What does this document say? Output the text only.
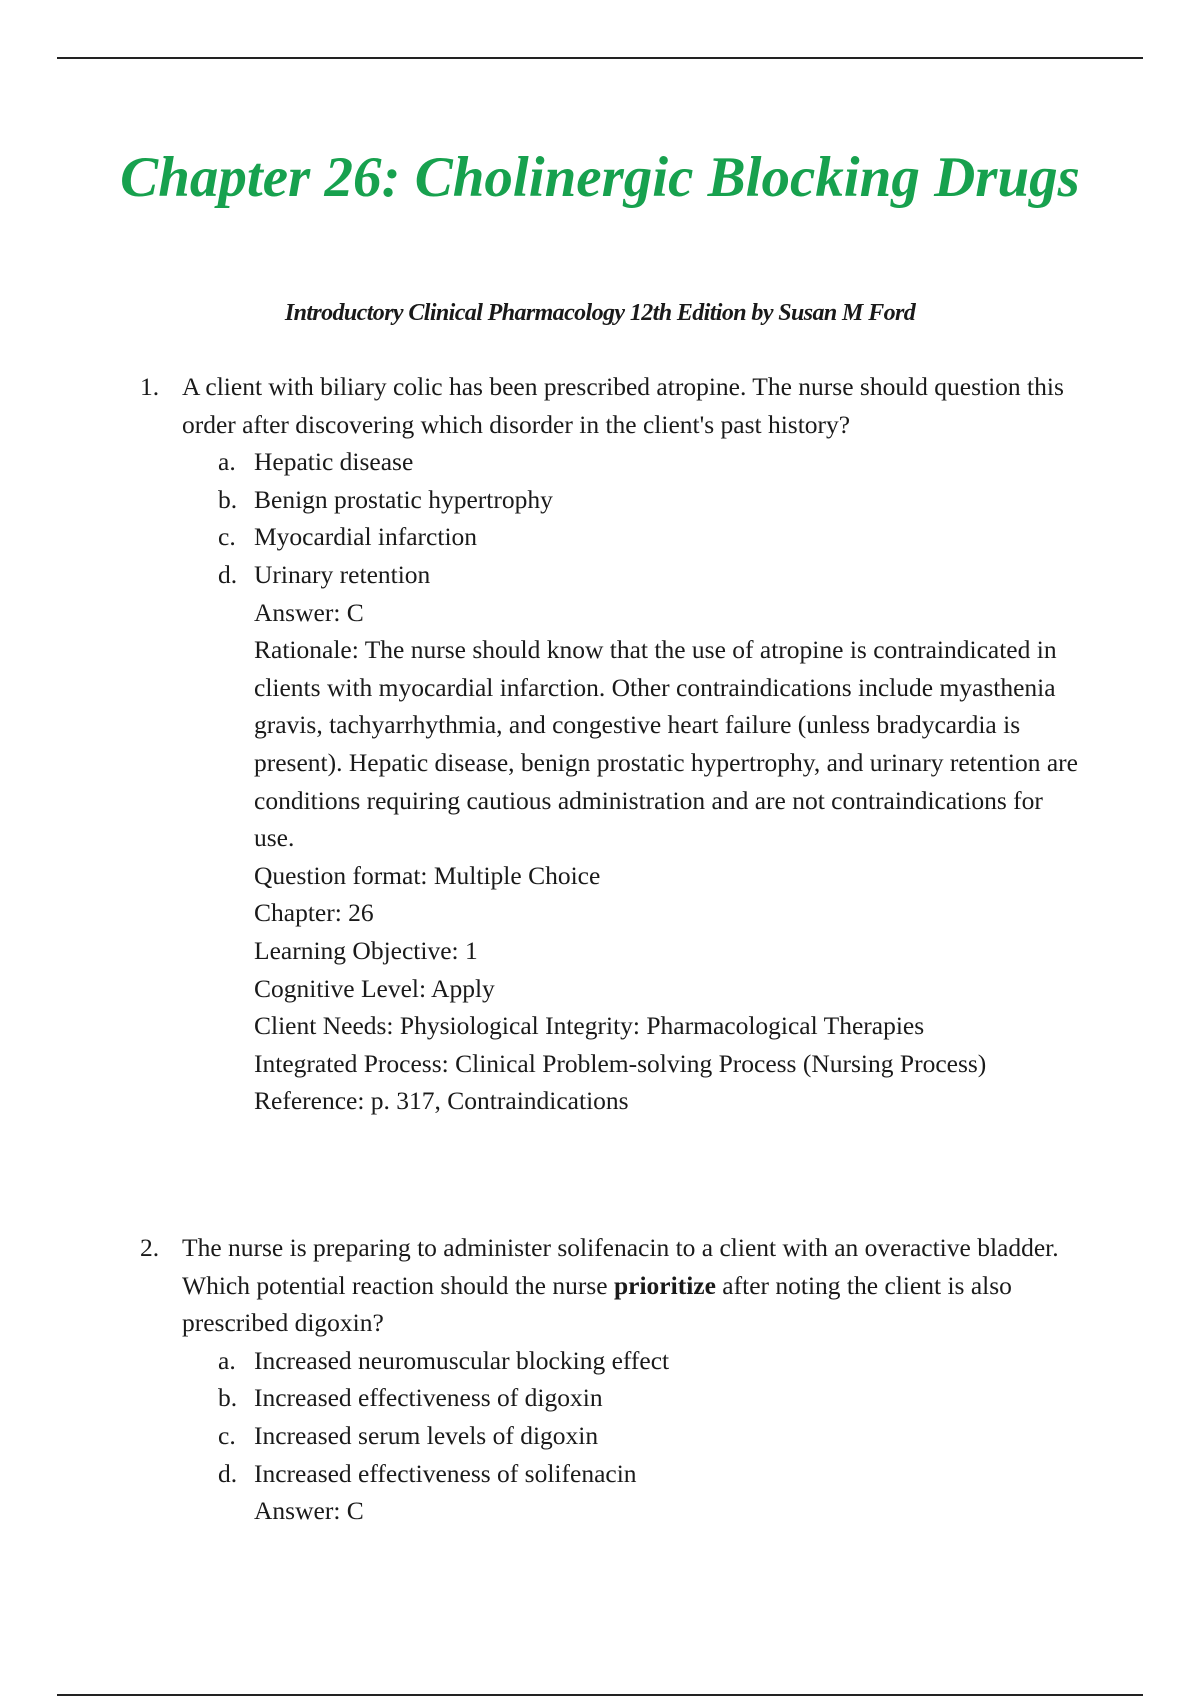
Chapter 26: Cholinergic Blocking Drugs

Introductory Clinical Pharmacology 12th Edition by Susan M Ford

1. A client with biliary colic has been prescribed atropine. The nurse should question this order after discovering which disorder in the client's past history?
a. Hepatic disease
b. Benign prostatic hypertrophy
c. Myocardial infarction
d. Urinary retention
Answer: C
Rationale: The nurse should know that the use of atropine is contraindicated in clients with myocardial infarction. Other contraindications include myasthenia gravis, tachyarrhythmia, and congestive heart failure (unless bradycardia is present). Hepatic disease, benign prostatic hypertrophy, and urinary retention are conditions requiring cautious administration and are not contraindications for use.
Question format: Multiple Choice
Chapter: 26
Learning Objective: 1
Cognitive Level: Apply
Client Needs: Physiological Integrity: Pharmacological Therapies
Integrated Process: Clinical Problem-solving Process (Nursing Process) Reference: p. 317, Contraindications
2. The nurse is preparing to administer solifenacin to a client with an overactive bladder. Which potential reaction should the nurse prioritize after noting the client is also prescribed digoxin?
a. Increased neuromuscular blocking effect
b. Increased effectiveness of digoxin
c. Increased serum levels of digoxin
d. Increased effectiveness of solifenacin
Answer: C
